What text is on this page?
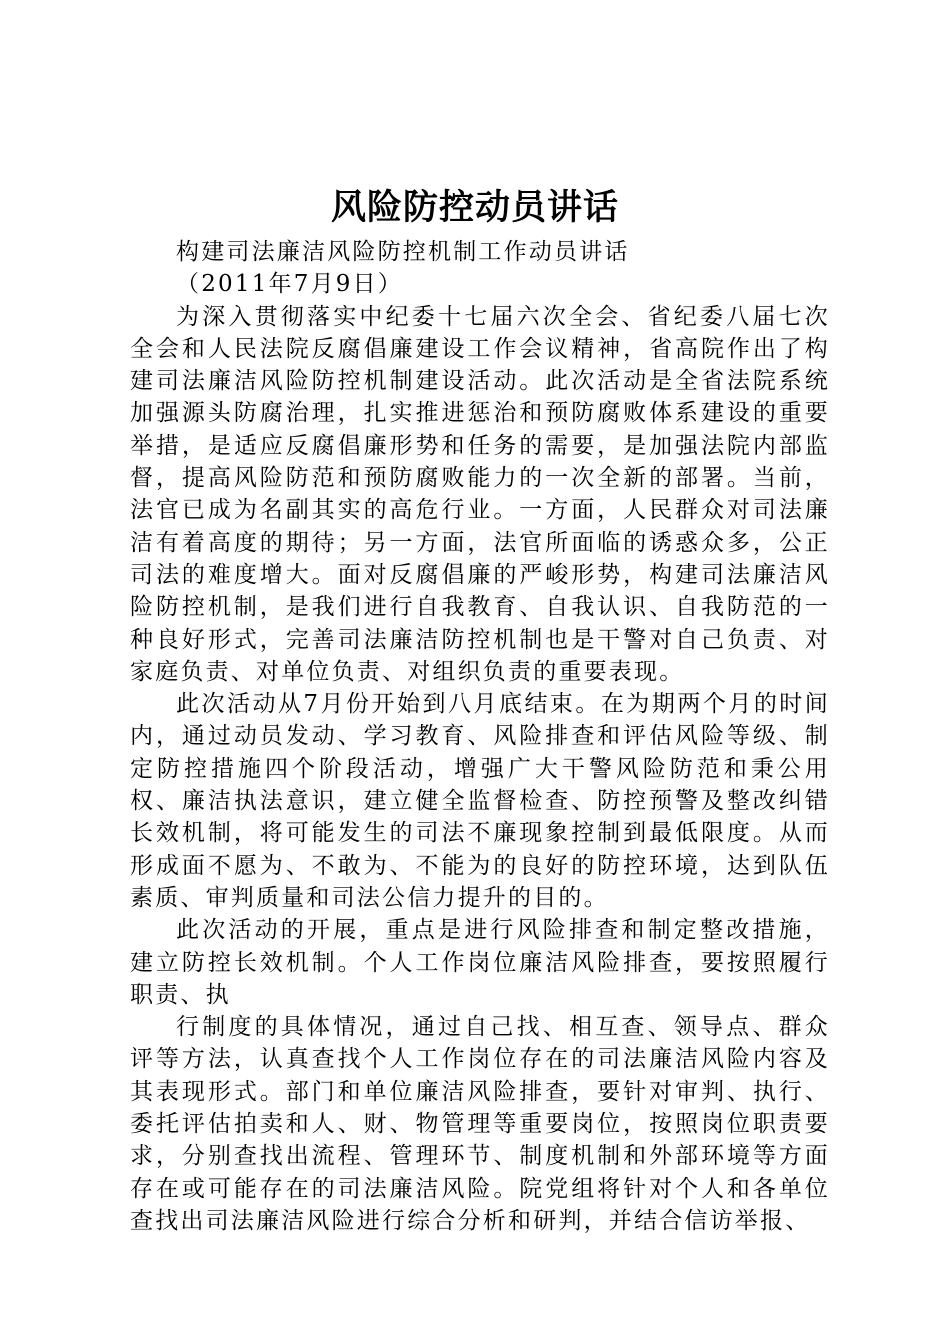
风险防控动员讲话

构建司法廉洁风险防控机制工作动员讲话

（2011年7月9日）

为深入贯彻落实中纪委十七届六次全会、省纪委八届七次全会和人民法院反腐倡廉建设工作会议精神，省高院作出了构建司法廉洁风险防控机制建设活动。此次活动是全省法院系统加强源头防腐治理，扎实推进惩治和预防腐败体系建设的重要举措，是适应反腐倡廉形势和任务的需要，是加强法院内部监督，提高风险防范和预防腐败能力的一次全新的部署。当前，法官已成为名副其实的高危行业。一方面，人民群众对司法廉洁有着高度的期待；另一方面，法官所面临的诱惑众多，公正司法的难度增大。面对反腐倡廉的严峻形势，构建司法廉洁风险防控机制，是我们进行自我教育、自我认识、自我防范的一种良好形式，完善司法廉洁防控机制也是干警对自己负责、对家庭负责、对单位负责、对组织负责的重要表现。

此次活动从7月份开始到八月底结束。在为期两个月的时间内，通过动员发动、学习教育、风险排查和评估风险等级、制定防控措施四个阶段活动，增强广大干警风险防范和秉公用权、廉洁执法意识，建立健全监督检查、防控预警及整改纠错长效机制，将可能发生的司法不廉现象控制到最低限度。从而形成面不愿为、不敢为、不能为的良好的防控环境，达到队伍素质、审判质量和司法公信力提升的目的。

此次活动的开展，重点是进行风险排查和制定整改措施，建立防控长效机制。个人工作岗位廉洁风险排查，要按照履行职责、执

行制度的具体情况，通过自己找、相互查、领导点、群众评等方法，认真查找个人工作岗位存在的司法廉洁风险内容及其表现形式。部门和单位廉洁风险排查，要针对审判、执行、委托评估拍卖和人、财、物管理等重要岗位，按照岗位职责要求，分别查找出流程、管理环节、制度机制和外部环境等方面存在或可能存在的司法廉洁风险。院党组将针对个人和各单位查找出司法廉洁风险进行综合分析和研判，并结合信访举报、
